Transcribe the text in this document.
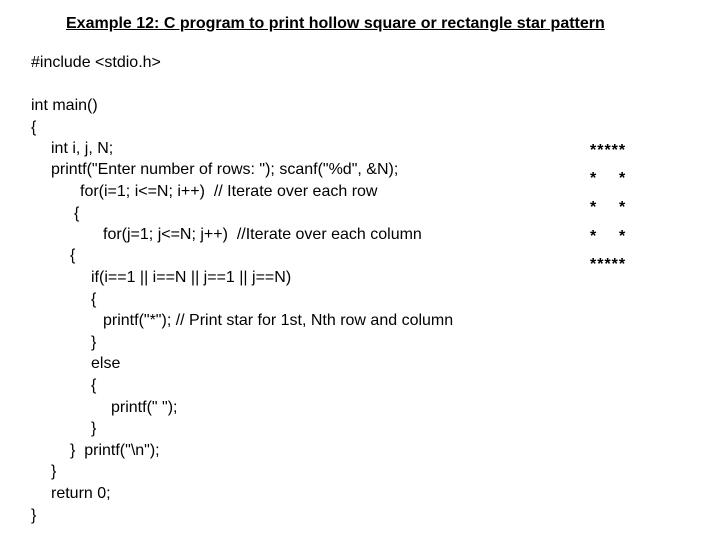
Example 12: C program to print hollow square or rectangle star pattern
#include <stdio.h>
int main()
{
int i, j, N;
printf("Enter number of rows: "); scanf("%d", &N);
for(i=1; i<=N; i++)  // Iterate over each row
{
for(j=1; j<=N; j++)  //Iterate over each column
{
if(i==1 || i==N || j==1 || j==N)
{
printf("*"); // Print star for 1st, Nth row and column
}
else
{
printf(" ");
}
}  printf("\n");
}
return 0;
}
*****
*    *
*    *
*    *
*****
